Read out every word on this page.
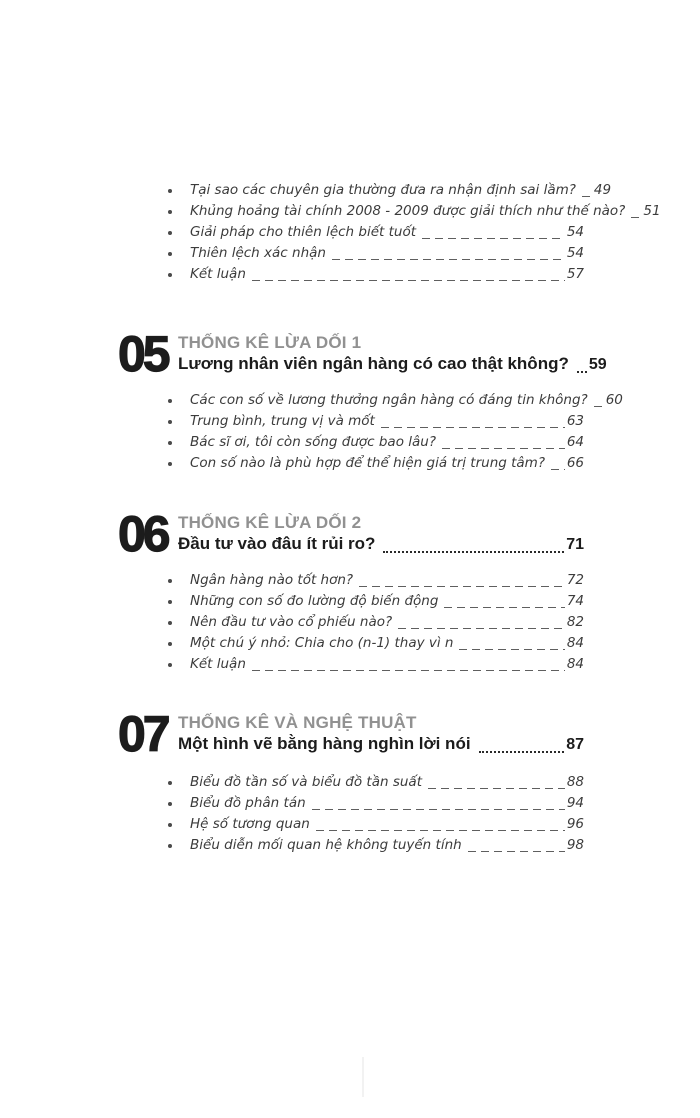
Tại sao các chuyên gia thường đưa ra nhận định sai lầm? 49
Khủng hoảng tài chính 2008 - 2009 được giải thích như thế nào? 51
Giải pháp cho thiên lệch biết tuốt	54
Thiên lệch xác nhận	54
Kết luận	57
05 THỐNG KÊ LỪA DỐI 1
Lương nhân viên ngân hàng có cao thật không? 59
Các con số về lương thưởng ngân hàng có đáng tin không? 60
Trung bình, trung vị và mốt	63
Bác sĩ ơi, tôi còn sống được bao lâu?	64
Con số nào là phù hợp để thể hiện giá trị trung tâm? 66
06 THỐNG KÊ LỪA DỐI 2
Đầu tư vào đâu ít rủi ro?	71
Ngân hàng nào tốt hơn?	72
Những con số đo lường độ biến động	74
Nên đầu tư vào cổ phiếu nào?	82
Một chú ý nhỏ: Chia cho (n-1) thay vì n	84
Kết luận	84
07 THỐNG KÊ VÀ NGHỆ THUẬT
Một hình vẽ bằng hàng nghìn lời nói	87
Biểu đồ tần số và biểu đồ tần suất	88
Biểu đồ phân tán	94
Hệ số tương quan	96
Biểu diễn mối quan hệ không tuyến tính	98
